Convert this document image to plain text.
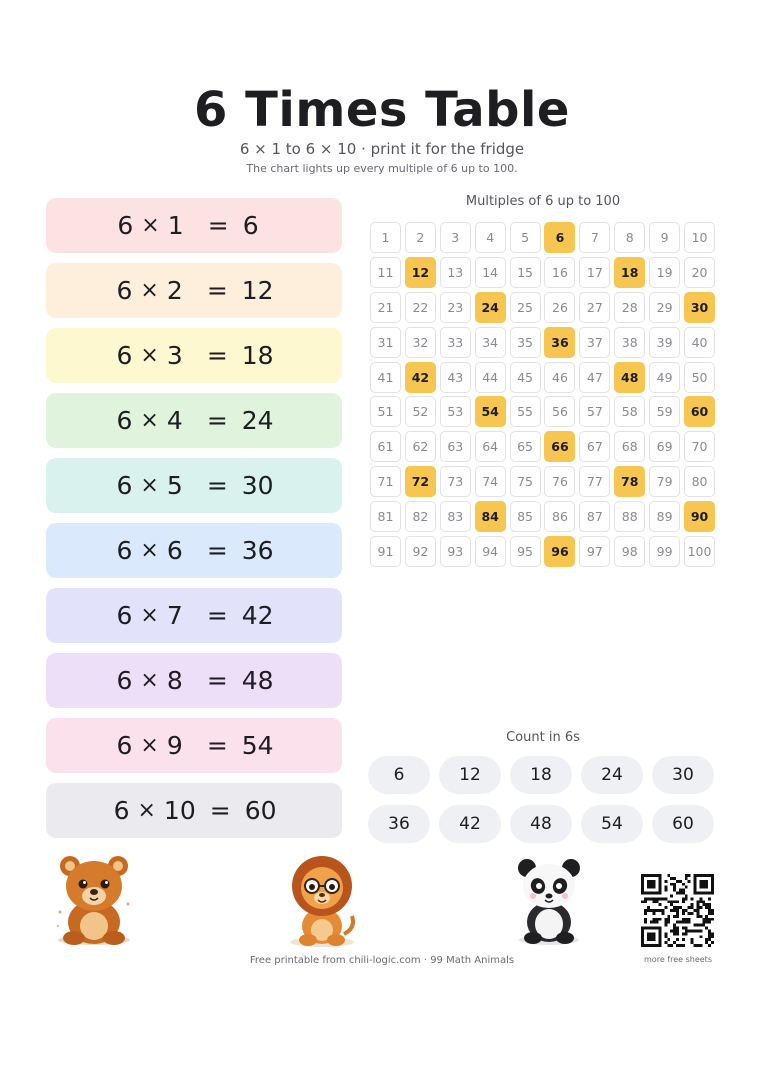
6 Times Table
6 × 1 to 6 × 10 · print it for the fridge
The chart lights up every multiple of 6 up to 100.
6 × 1 = 6
6 × 2 = 12
6 × 3 = 18
6 × 4 = 24
6 × 5 = 30
6 × 6 = 36
6 × 7 = 42
6 × 8 = 48
6 × 9 = 54
6 × 10 = 60
Multiples of 6 up to 100
1	2	3	4	5	6	7	8	9	10
11	12	13	14	15	16	17	18	19	20
21	22	23	24	25	26	27	28	29	30
31	32	33	34	35	36	37	38	39	40
41	42	43	44	45	46	47	48	49	50
51	52	53	54	55	56	57	58	59	60
61	62	63	64	65	66	67	68	69	70
71	72	73	74	75	76	77	78	79	80
81	82	83	84	85	86	87	88	89	90
91	92	93	94	95	96	97	98	99	100
Count in 6s
6	12	18	24	30
36	42	48	54	60
Free printable from chili-logic.com · 99 Math Animals	more free sheets
